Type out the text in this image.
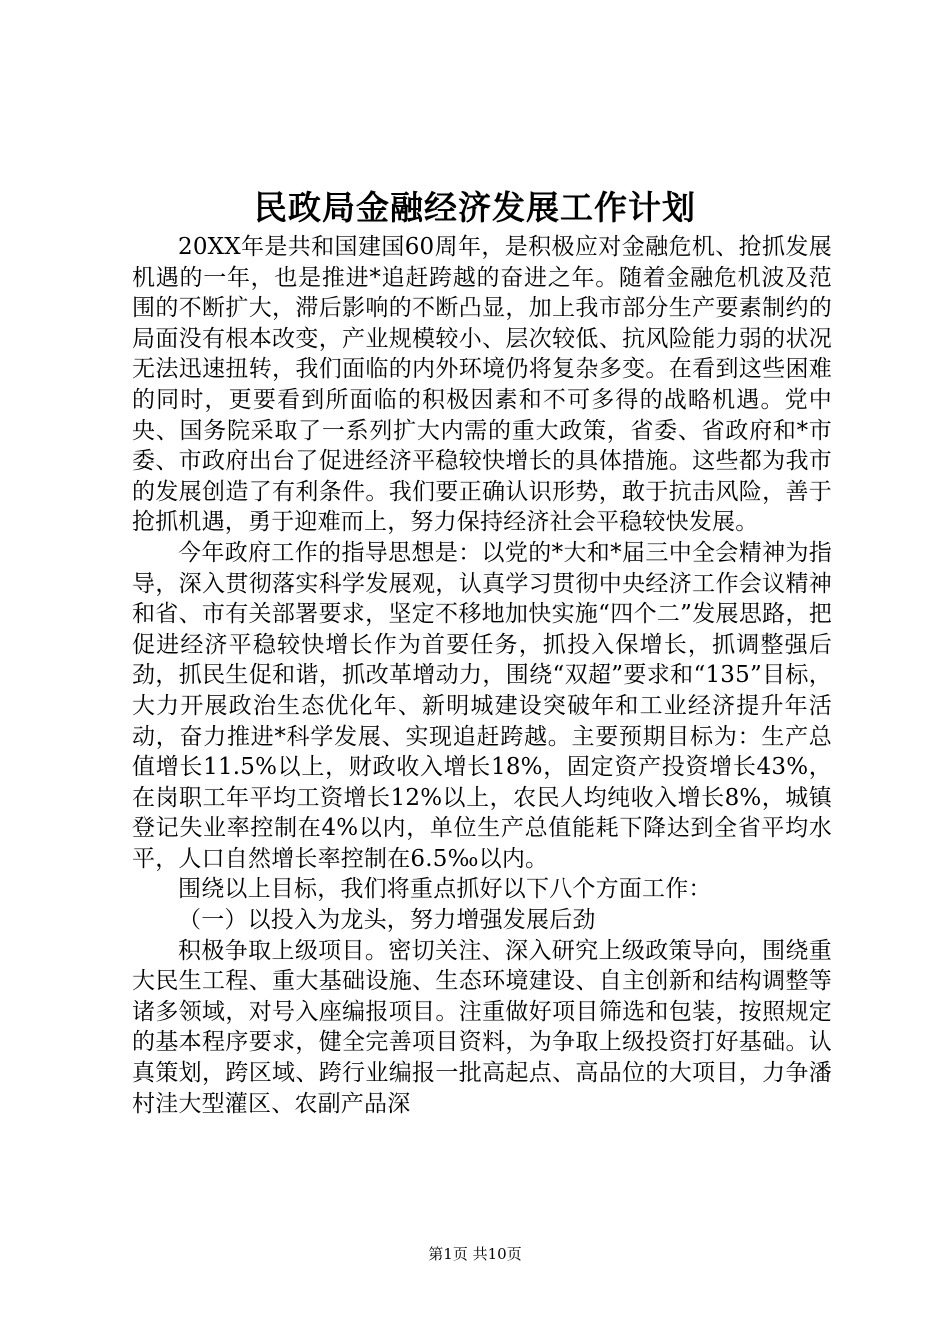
民政局金融经济发展工作计划

20XX年是共和国建国60周年，是积极应对金融危机、抢抓发展机遇的一年，也是推进*追赶跨越的奋进之年。随着金融危机波及范围的不断扩大，滞后影响的不断凸显，加上我市部分生产要素制约的局面没有根本改变，产业规模较小、层次较低、抗风险能力弱的状况无法迅速扭转，我们面临的内外环境仍将复杂多变。在看到这些困难的同时，更要看到所面临的积极因素和不可多得的战略机遇。党中央、国务院采取了一系列扩大内需的重大政策，省委、省政府和*市委、市政府出台了促进经济平稳较快增长的具体措施。这些都为我市的发展创造了有利条件。我们要正确认识形势，敢于抗击风险，善于抢抓机遇，勇于迎难而上，努力保持经济社会平稳较快发展。

今年政府工作的指导思想是：以党的*大和*届三中全会精神为指导，深入贯彻落实科学发展观，认真学习贯彻中央经济工作会议精神和省、市有关部署要求，坚定不移地加快实施“四个二”发展思路，把促进经济平稳较快增长作为首要任务，抓投入保增长，抓调整强后劲，抓民生促和谐，抓改革增动力，围绕“双超”要求和“135”目标，大力开展政治生态优化年、新明城建设突破年和工业经济提升年活动，奋力推进*科学发展、实现追赶跨越。主要预期目标为：生产总值增长11.5%以上，财政收入增长18%，固定资产投资增长43%，在岗职工年平均工资增长12%以上，农民人均纯收入增长8%，城镇登记失业率控制在4%以内，单位生产总值能耗下降达到全省平均水平，人口自然增长率控制在6.5‰以内。

围绕以上目标，我们将重点抓好以下八个方面工作：

（一）以投入为龙头，努力增强发展后劲

积极争取上级项目。密切关注、深入研究上级政策导向，围绕重大民生工程、重大基础设施、生态环境建设、自主创新和结构调整等诸多领域，对号入座编报项目。注重做好项目筛选和包装，按照规定的基本程序要求，健全完善项目资料，为争取上级投资打好基础。认真策划，跨区域、跨行业编报一批高起点、高品位的大项目，力争潘村洼大型灌区、农副产品深

第1页 共10页
